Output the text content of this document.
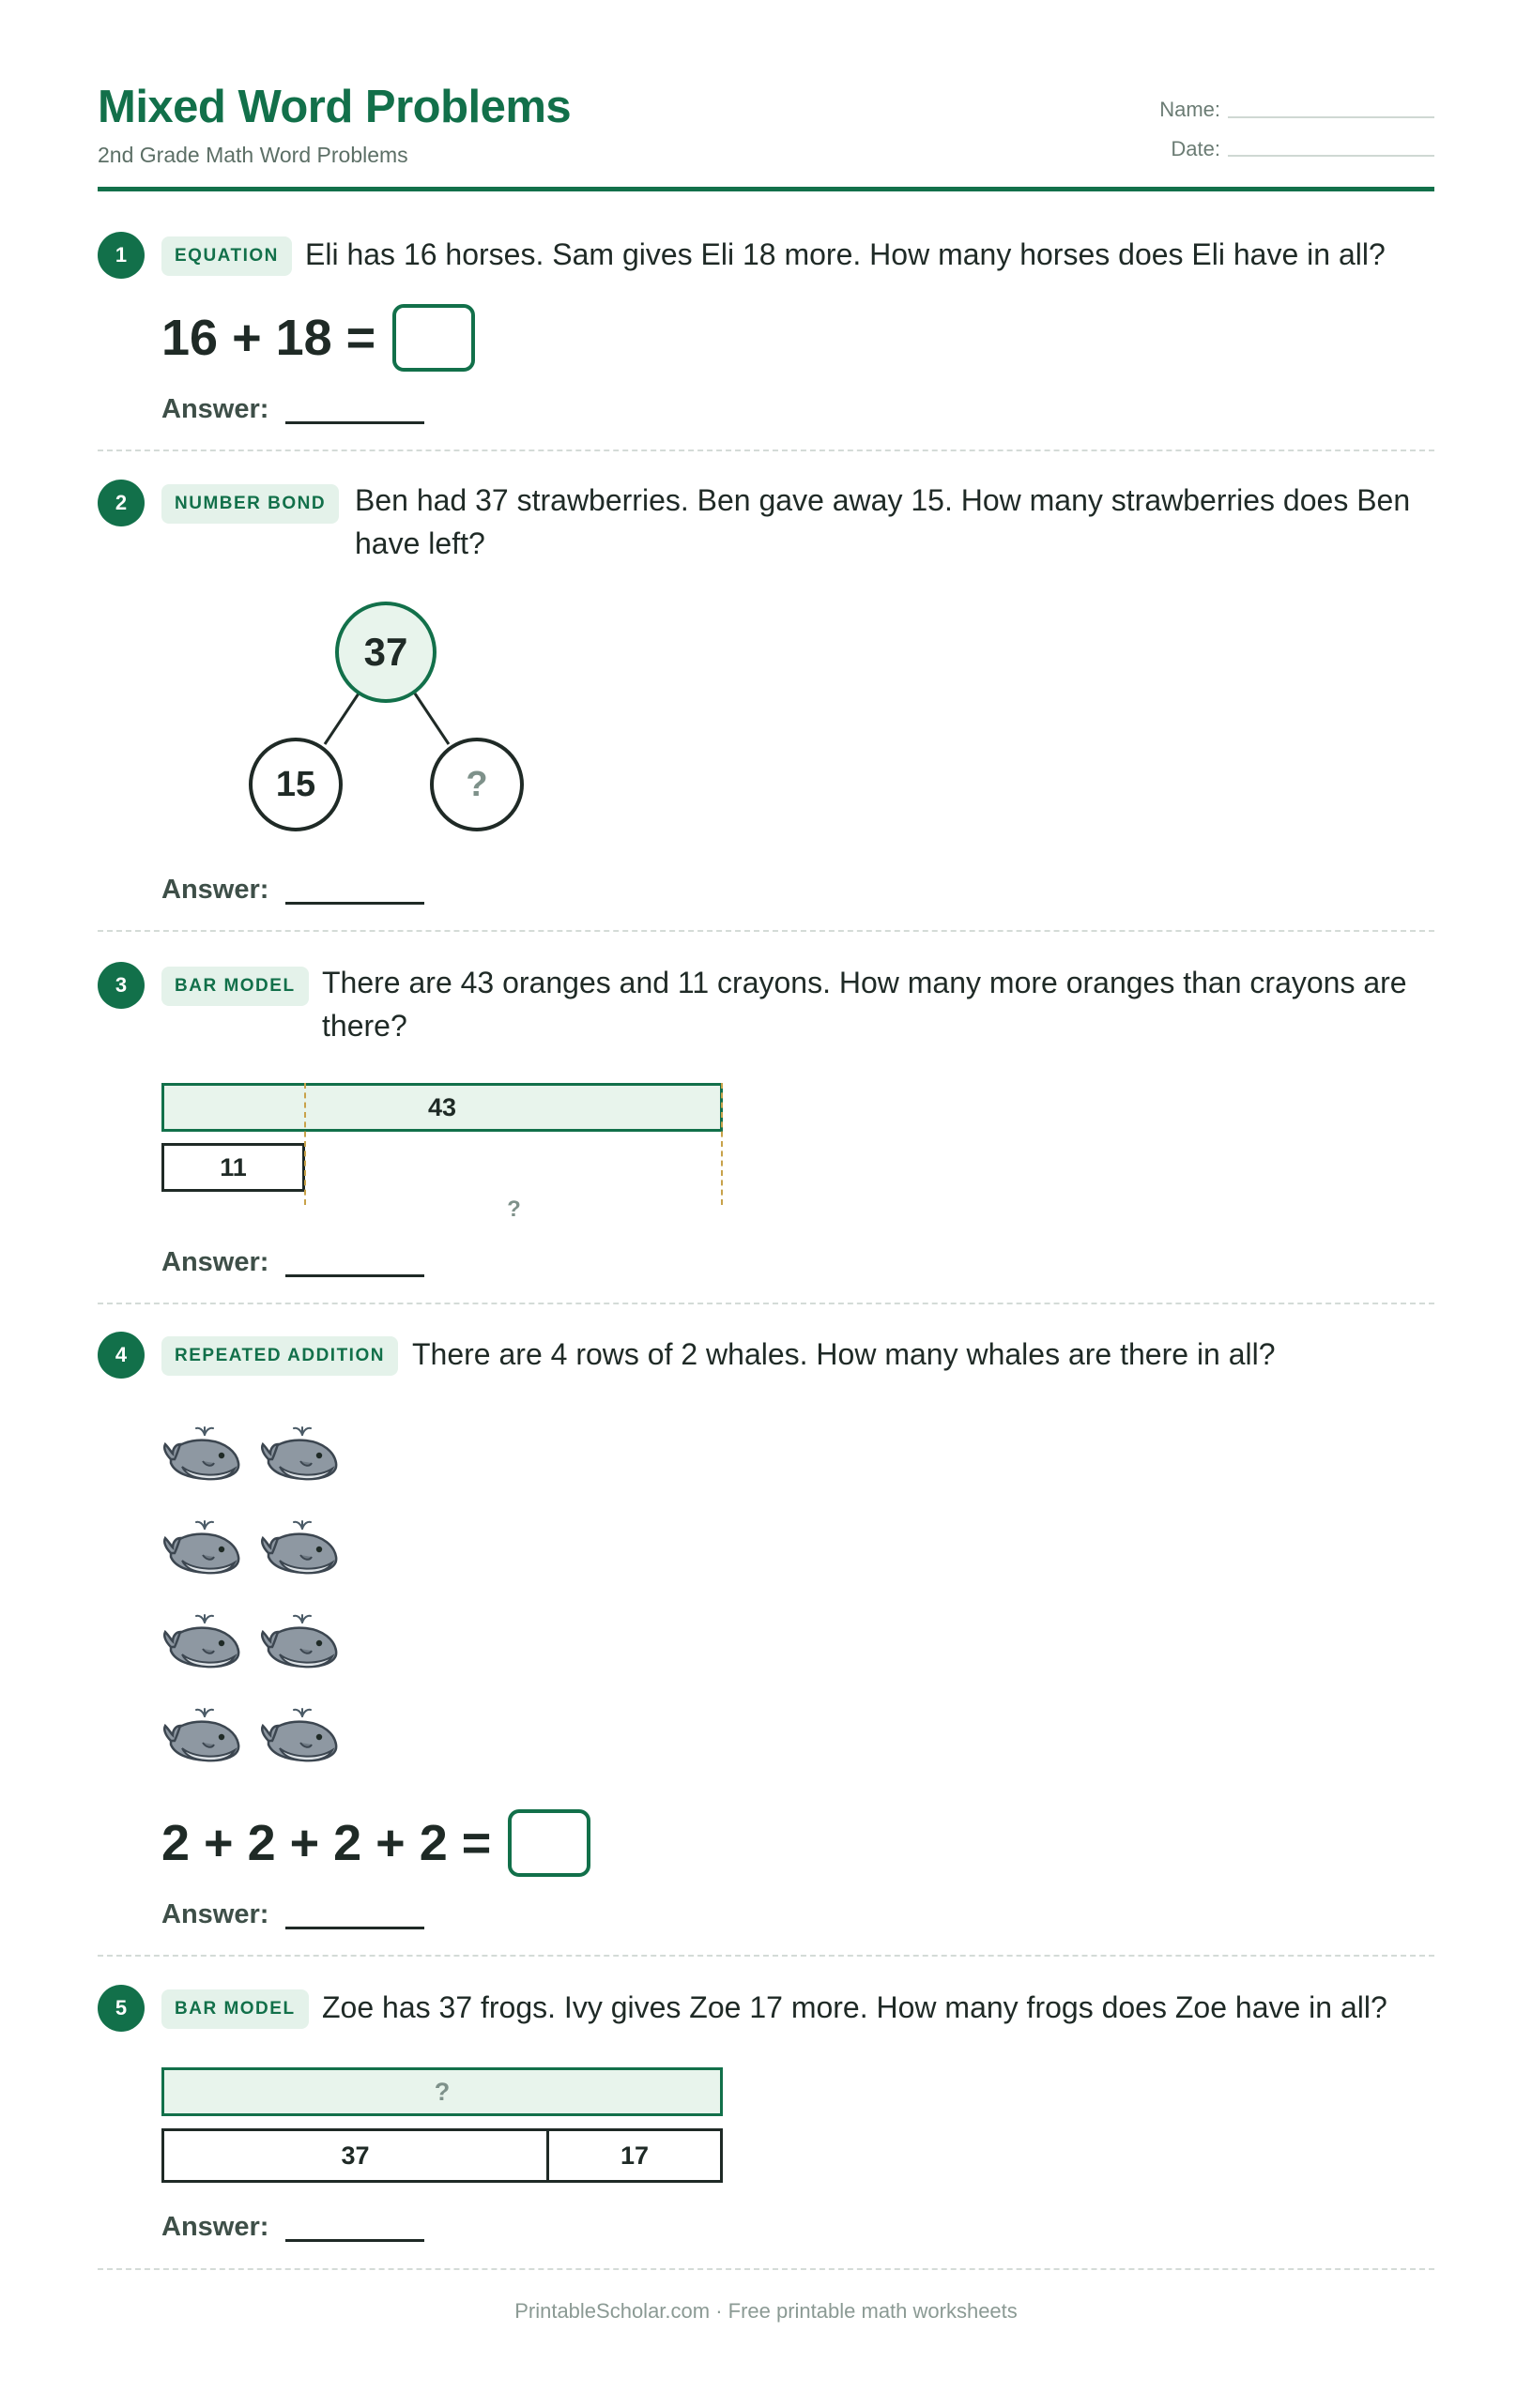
Mixed Word Problems
2nd Grade Math Word Problems
Name:
Date:
1	EQUATION Eli has 16 horses. Sam gives Eli 18 more. How many horses does Eli have in all?
16 + 18 =
Answer:
2	NUMBER BOND Ben had 37 strawberries. Ben gave away 15. How many strawberries does Ben have left?
37
15	?
Answer:
3	BAR MODEL There are 43 oranges and 11 crayons. How many more oranges than crayons are there?
43
11
?
Answer:
4	REPEATED ADDITION There are 4 rows of 2 whales. How many whales are there in all?
2 + 2 + 2 + 2 =
Answer:
5	BAR MODEL Zoe has 37 frogs. Ivy gives Zoe 17 more. How many frogs does Zoe have in all?
?
37	17
Answer:
PrintableScholar.com · Free printable math worksheets
